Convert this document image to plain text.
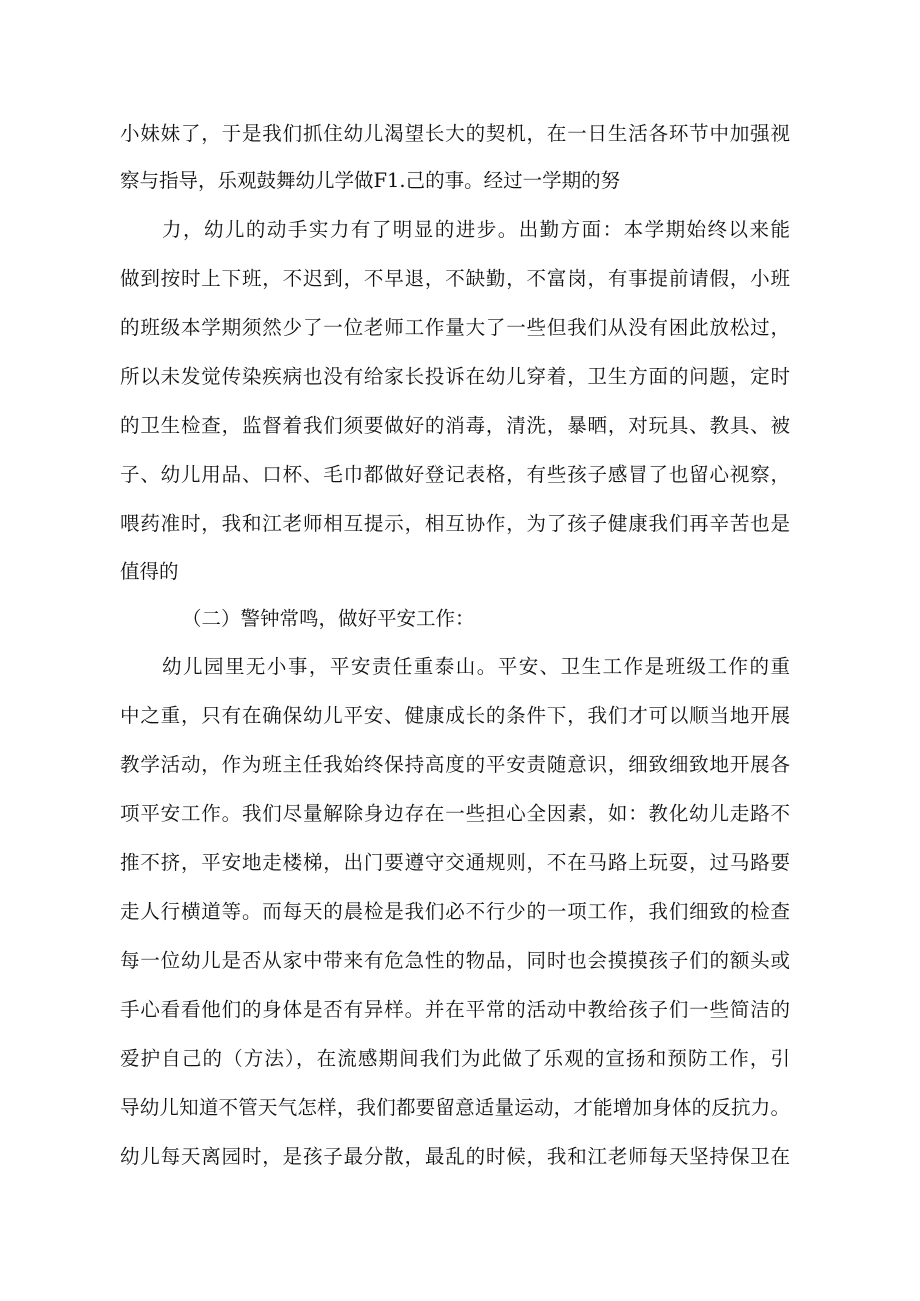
小妹妹了，于是我们抓住幼儿渴望长大的契机，在一日生活各环节中加强视
察与指导，乐观鼓舞幼儿学做F1.己的事。经过一学期的努
力，幼儿的动手实力有了明显的进步。出勤方面：本学期始终以来能
做到按时上下班，不迟到，不早退，不缺勤，不富岗，有事提前请假，小班
的班级本学期须然少了一位老师工作量大了一些但我们从没有困此放松过，
所以未发觉传染疾病也没有给家长投诉在幼儿穿着，卫生方面的问题，定时
的卫生检查，监督着我们须要做好的消毒，清洗，暴晒，对玩具、教具、被
子、幼儿用品、口杯、毛巾都做好登记表格，有些孩子感冒了也留心视察，
喂药准时，我和江老师相互提示，相互协作，为了孩子健康我们再辛苦也是
值得的
（二）警钟常鸣，做好平安工作：
幼儿园里无小事，平安责任重泰山。平安、卫生工作是班级工作的重
中之重，只有在确保幼儿平安、健康成长的条件下，我们才可以顺当地开展
教学活动，作为班主任我始终保持高度的平安责随意识，细致细致地开展各
项平安工作。我们尽量解除身边存在一些担心全因素，如：教化幼儿走路不
推不挤，平安地走楼梯，出门要遵守交通规则，不在马路上玩耍，过马路要
走人行横道等。而每天的晨检是我们必不行少的一项工作，我们细致的检查
每一位幼儿是否从家中带来有危急性的物品，同时也会摸摸孩子们的额头或
手心看看他们的身体是否有异样。并在平常的活动中教给孩子们一些简洁的
爱护自己的（方法），在流感期间我们为此做了乐观的宣扬和预防工作，引
导幼儿知道不管天气怎样，我们都要留意适量运动，才能增加身体的反抗力。
幼儿每天离园时，是孩子最分散，最乱的时候，我和江老师每天坚持保卫在
